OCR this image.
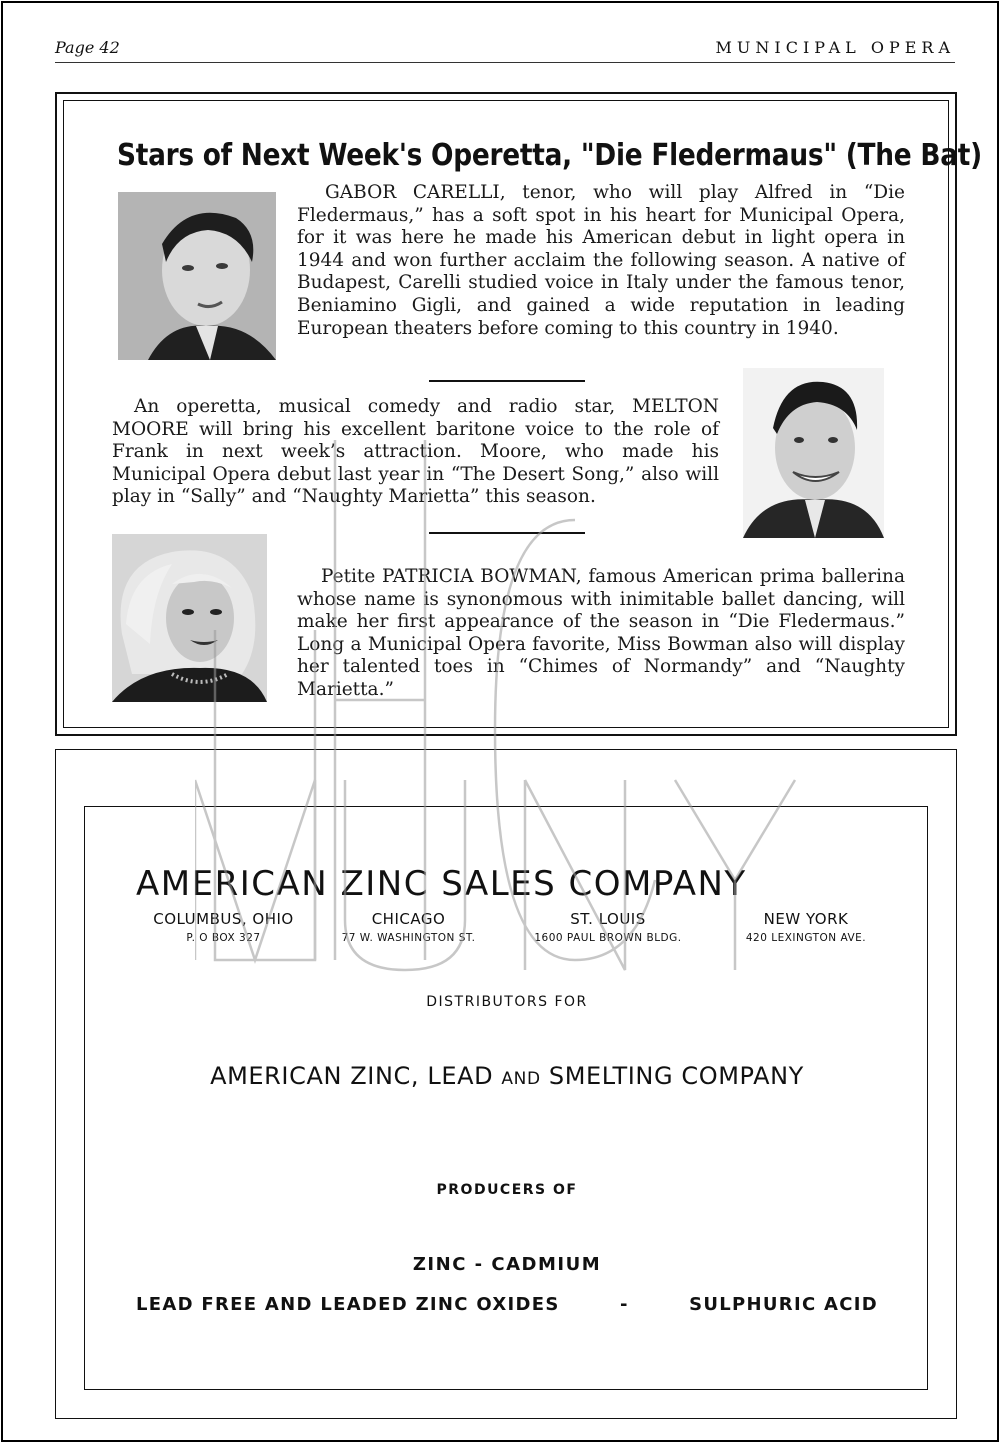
Page 42	MUNICIPAL OPERA
Stars of Next Week's Operetta, "Die Fledermaus" (The Bat)
GABOR CARELLI, tenor, who will play Alfred in “Die Fledermaus,” has a soft spot in his heart for Municipal Opera, for it was here he made his American debut in light opera in 1944 and won further acclaim the following season. A native of Budapest, Carelli studied voice in Italy under the famous tenor, Beniamino Gigli, and gained a wide reputation in leading European theaters before coming to this country in 1940.
An operetta, musical comedy and radio star, MELTON MOORE will bring his excellent baritone voice to the role of Frank in next week’s attraction. Moore, who made his Municipal Opera debut last year in “The Desert Song,” also will play in “Sally” and “Naughty Marietta” this season.
Petite PATRICIA BOWMAN, famous American prima ballerina whose name is synonomous with inimitable ballet dancing, will make her first appearance of the season in “Die Fledermaus.” Long a Municipal Opera favorite, Miss Bowman also will display her talented toes in “Chimes of Normandy” and “Naughty Marietta.”
AMERICAN ZINC SALES COMPANY
COLUMBUS, OHIO
P. O BOX 327
CHICAGO
77 W. WASHINGTON ST.
ST. LOUIS
1600 PAUL BROWN BLDG.
NEW YORK
420 LEXINGTON AVE.
DISTRIBUTORS FOR
AMERICAN ZINC, LEAD AND SMELTING COMPANY
PRODUCERS OF
ZINC - CADMIUM
LEAD FREE AND LEADED ZINC OXIDES	-	SULPHURIC ACID
